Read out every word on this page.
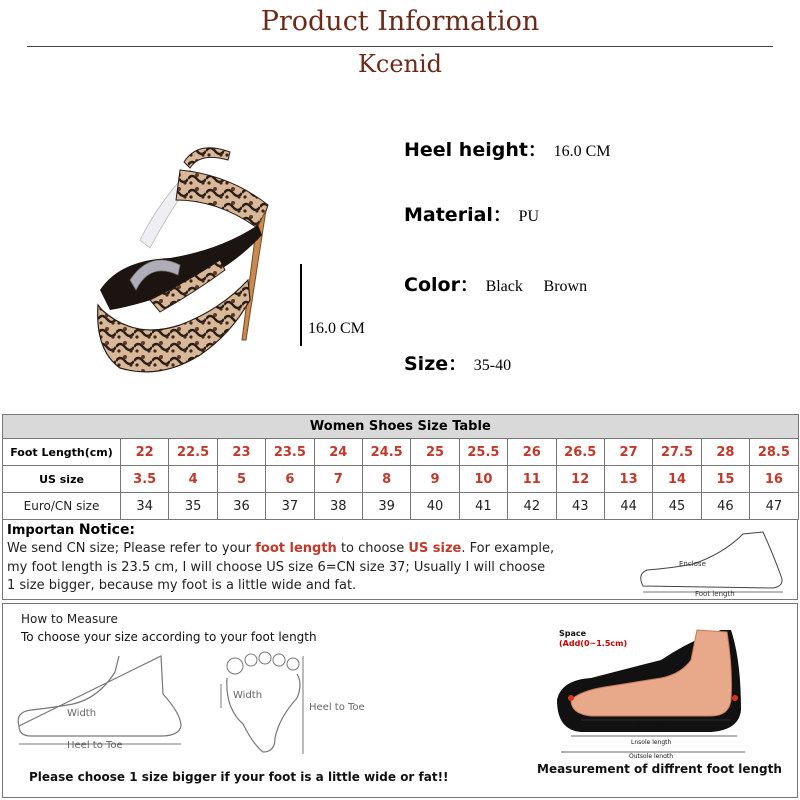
Product Information
Kcenid
16.0 CM
Heel height： 16.0 CM
Material： PU
Color： Black Brown
Size： 35-40
Women Shoes Size Table														
Foot Length(cm)	22	22.5	23	23.5	24	24.5	25	25.5	26	26.5	27	27.5	28	28.5
US size	3.5	4	5	6	7	8	9	10	11	12	13	14	15	16
Euro/CN size	34	35	36	37	38	39	40	41	42	43	44	45	46	47
Importan Notice:
We send CN size; Please refer to your foot length to choose US size. For example,
my foot length is 23.5 cm, I will choose US size 6=CN size 37; Usually I will choose
1 size bigger, because my foot is a little wide and fat.
Enclose
Foot length
How to Measure
To choose your size according to your foot length
Width
Heel to Toe
Width
Heel to Toe
Space
(Add(0~1.5cm)
Foot length
Lnsole length
Outsole length
Please choose 1 size bigger if your foot is a little wide or fat!!
Measurement of diffrent foot length
